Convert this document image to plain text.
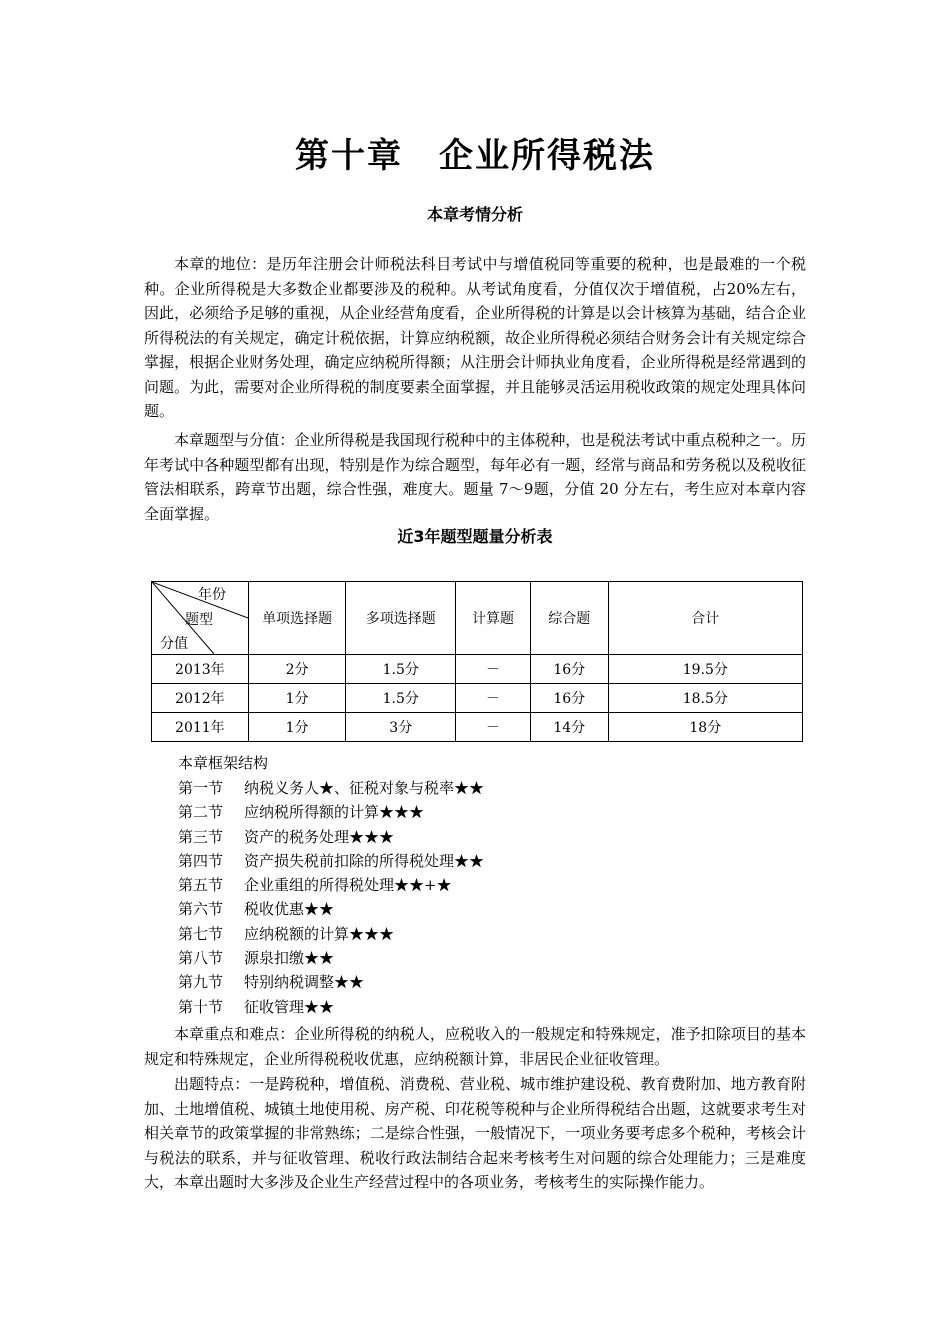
第十章　企业所得税法
本章考情分析

本章的地位：是历年注册会计师税法科目考试中与增值税同等重要的税种，也是最难的一个税种。企业所得税是大多数企业都要涉及的税种。从考试角度看，分值仅次于增值税，占20%左右，因此，必须给予足够的重视，从企业经营角度看，企业所得税的计算是以会计核算为基础，结合企业所得税法的有关规定，确定计税依据，计算应纳税额，故企业所得税必须结合财务会计有关规定综合掌握，根据企业财务处理，确定应纳税所得额；从注册会计师执业角度看，企业所得税是经常遇到的问题。为此，需要对企业所得税的制度要素全面掌握，并且能够灵活运用税收政策的规定处理具体问题。

本章题型与分值：企业所得税是我国现行税种中的主体税种，也是税法考试中重点税种之一。历年考试中各种题型都有出现，特别是作为综合题型，每年必有一题，经常与商品和劳务税以及税收征管法相联系，跨章节出题，综合性强，难度大。题量 7～9题，分值 20 分左右，考生应对本章内容全面掌握。

近3年题型题量分析表
年份
题型
分值	单项选择题	多项选择题	计算题	综合题	合计
2013年	2分	1.5分	－	16分	19.5分
2012年	1分	1.5分	－	16分	18.5分
2011年	1分	3分	－	14分	18分

本章框架结构

第一节 纳税义务人★、征税对象与税率★★
第二节 应纳税所得额的计算★★★
第三节 资产的税务处理★★★
第四节 资产损失税前扣除的所得税处理★★
第五节 企业重组的所得税处理★★+★
第六节 税收优惠★★
第七节 应纳税额的计算★★★
第八节 源泉扣缴★★
第九节 特别纳税调整★★
第十节 征收管理★★

本章重点和难点：企业所得税的纳税人，应税收入的一般规定和特殊规定，准予扣除项目的基本规定和特殊规定，企业所得税税收优惠，应纳税额计算，非居民企业征收管理。

出题特点：一是跨税种，增值税、消费税、营业税、城市维护建设税、教育费附加、地方教育附加、土地增值税、城镇土地使用税、房产税、印花税等税种与企业所得税结合出题，这就要求考生对相关章节的政策掌握的非常熟练；二是综合性强，一般情况下，一项业务要考虑多个税种，考核会计与税法的联系，并与征收管理、税收行政法制结合起来考核考生对问题的综合处理能力；三是难度大，本章出题时大多涉及企业生产经营过程中的各项业务，考核考生的实际操作能力。
